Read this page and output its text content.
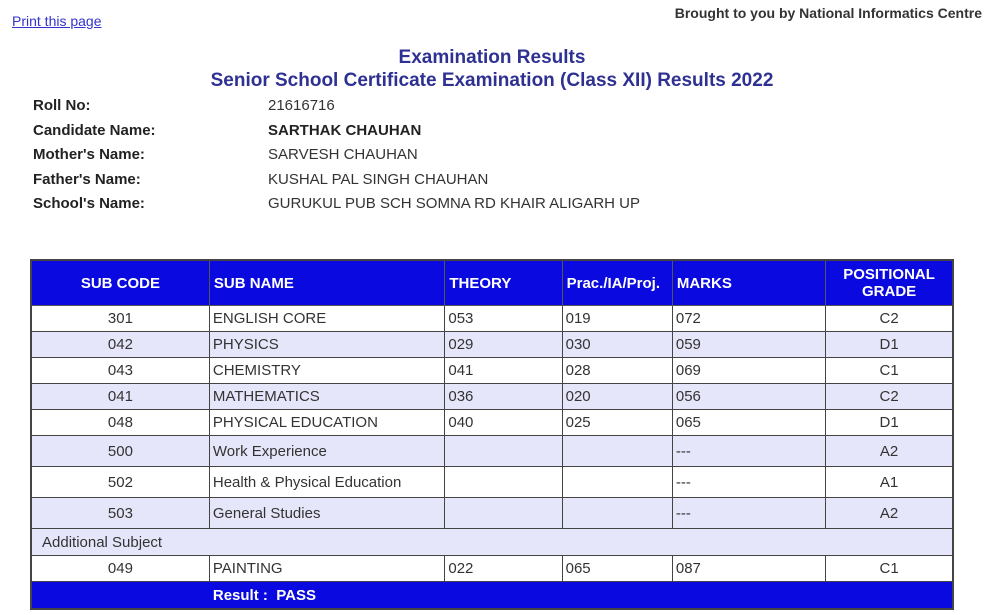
Print this page	Brought to you by National Informatics Centre
Examination Results
Senior School Certificate Examination (Class XII) Results 2022
Roll No:	21616716
Candidate Name:	SARTHAK CHAUHAN
Mother's Name:	SARVESH CHAUHAN
Father's Name:	KUSHAL PAL SINGH CHAUHAN
School's Name:	GURUKUL PUB SCH SOMNA RD KHAIR ALIGARH UP
SUB CODE	SUB NAME	THEORY	Prac./IA/Proj.	MARKS	POSITIONAL
GRADE
301	ENGLISH CORE	053	019	072	C2
042	PHYSICS	029	030	059	D1
043	CHEMISTRY	041	028	069	C1
041	MATHEMATICS	036	020	056	C2
048	PHYSICAL EDUCATION	040	025	065	D1
500	Work Experience			---	A2
502	Health & Physical Education			---	A1
503	General Studies			---	A2
Additional Subject					
049	PAINTING	022	065	087	C1
	Result : PASS				
